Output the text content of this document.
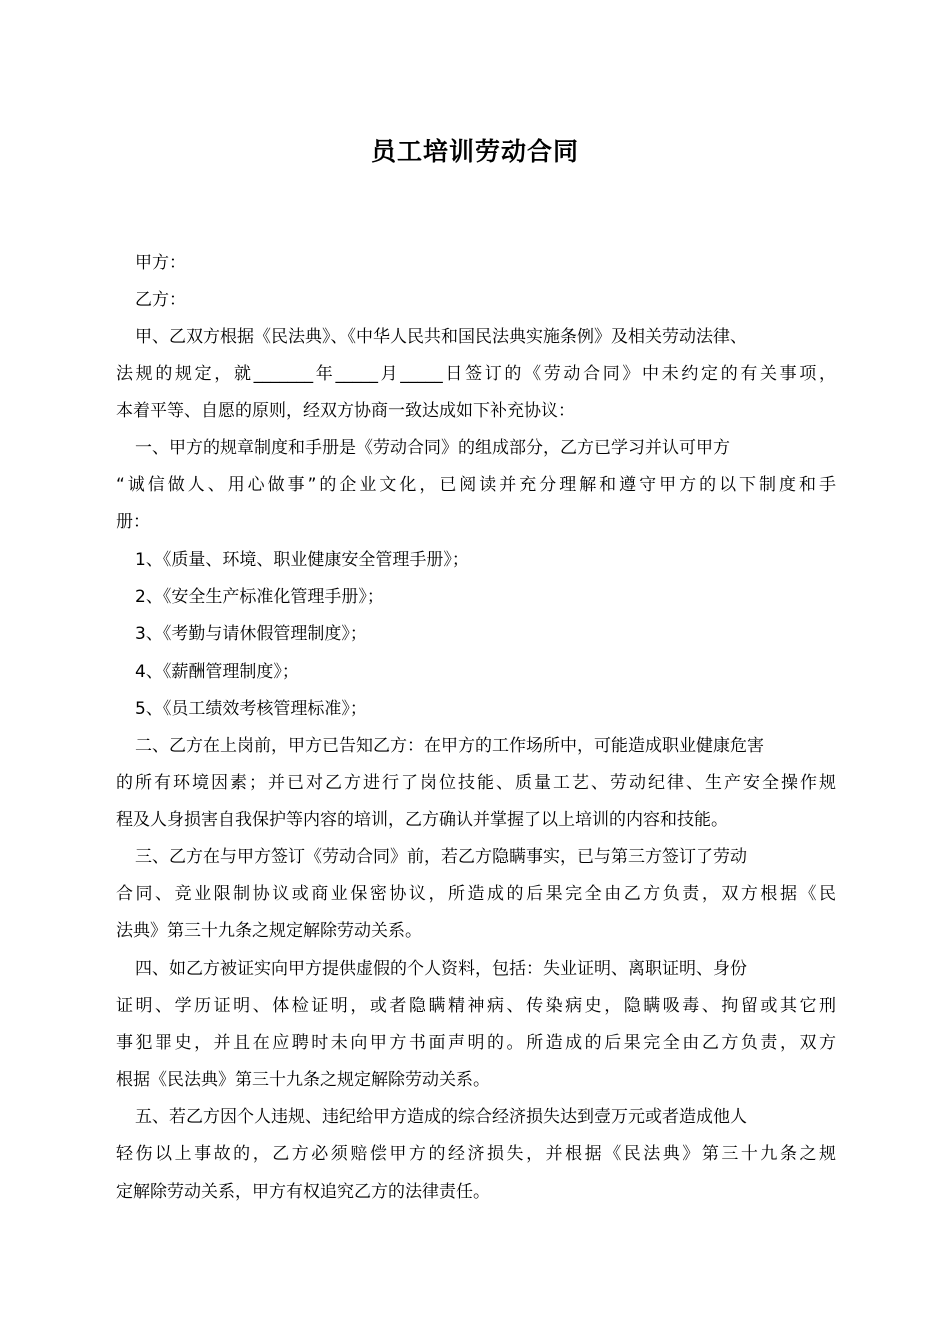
员工培训劳动合同
甲方：
乙方：
甲、乙双方根据《民法典》、《中华人民共和国民法典实施条例》及相关劳动法律、
法规的规定，就_______年_____月_____日签订的《劳动合同》中未约定的有关事项，
本着平等、自愿的原则，经双方协商一致达成如下补充协议：
一、甲方的规章制度和手册是《劳动合同》的组成部分，乙方已学习并认可甲方
“诚信做人、用心做事”的企业文化，已阅读并充分理解和遵守甲方的以下制度和手
册：
1、《质量、环境、职业健康安全管理手册》；
2、《安全生产标准化管理手册》；
3、《考勤与请休假管理制度》；
4、《薪酬管理制度》；
5、《员工绩效考核管理标准》；
二、乙方在上岗前，甲方已告知乙方：在甲方的工作场所中，可能造成职业健康危害
的所有环境因素；并已对乙方进行了岗位技能、质量工艺、劳动纪律、生产安全操作规
程及人身损害自我保护等内容的培训，乙方确认并掌握了以上培训的内容和技能。
三、乙方在与甲方签订《劳动合同》前，若乙方隐瞒事实，已与第三方签订了劳动
合同、竞业限制协议或商业保密协议，所造成的后果完全由乙方负责，双方根据《民
法典》第三十九条之规定解除劳动关系。
四、如乙方被证实向甲方提供虚假的个人资料，包括：失业证明、离职证明、身份
证明、学历证明、体检证明，或者隐瞒精神病、传染病史，隐瞒吸毒、拘留或其它刑
事犯罪史，并且在应聘时未向甲方书面声明的。所造成的后果完全由乙方负责，双方
根据《民法典》第三十九条之规定解除劳动关系。
五、若乙方因个人违规、违纪给甲方造成的综合经济损失达到壹万元或者造成他人
轻伤以上事故的，乙方必须赔偿甲方的经济损失，并根据《民法典》第三十九条之规
定解除劳动关系，甲方有权追究乙方的法律责任。
